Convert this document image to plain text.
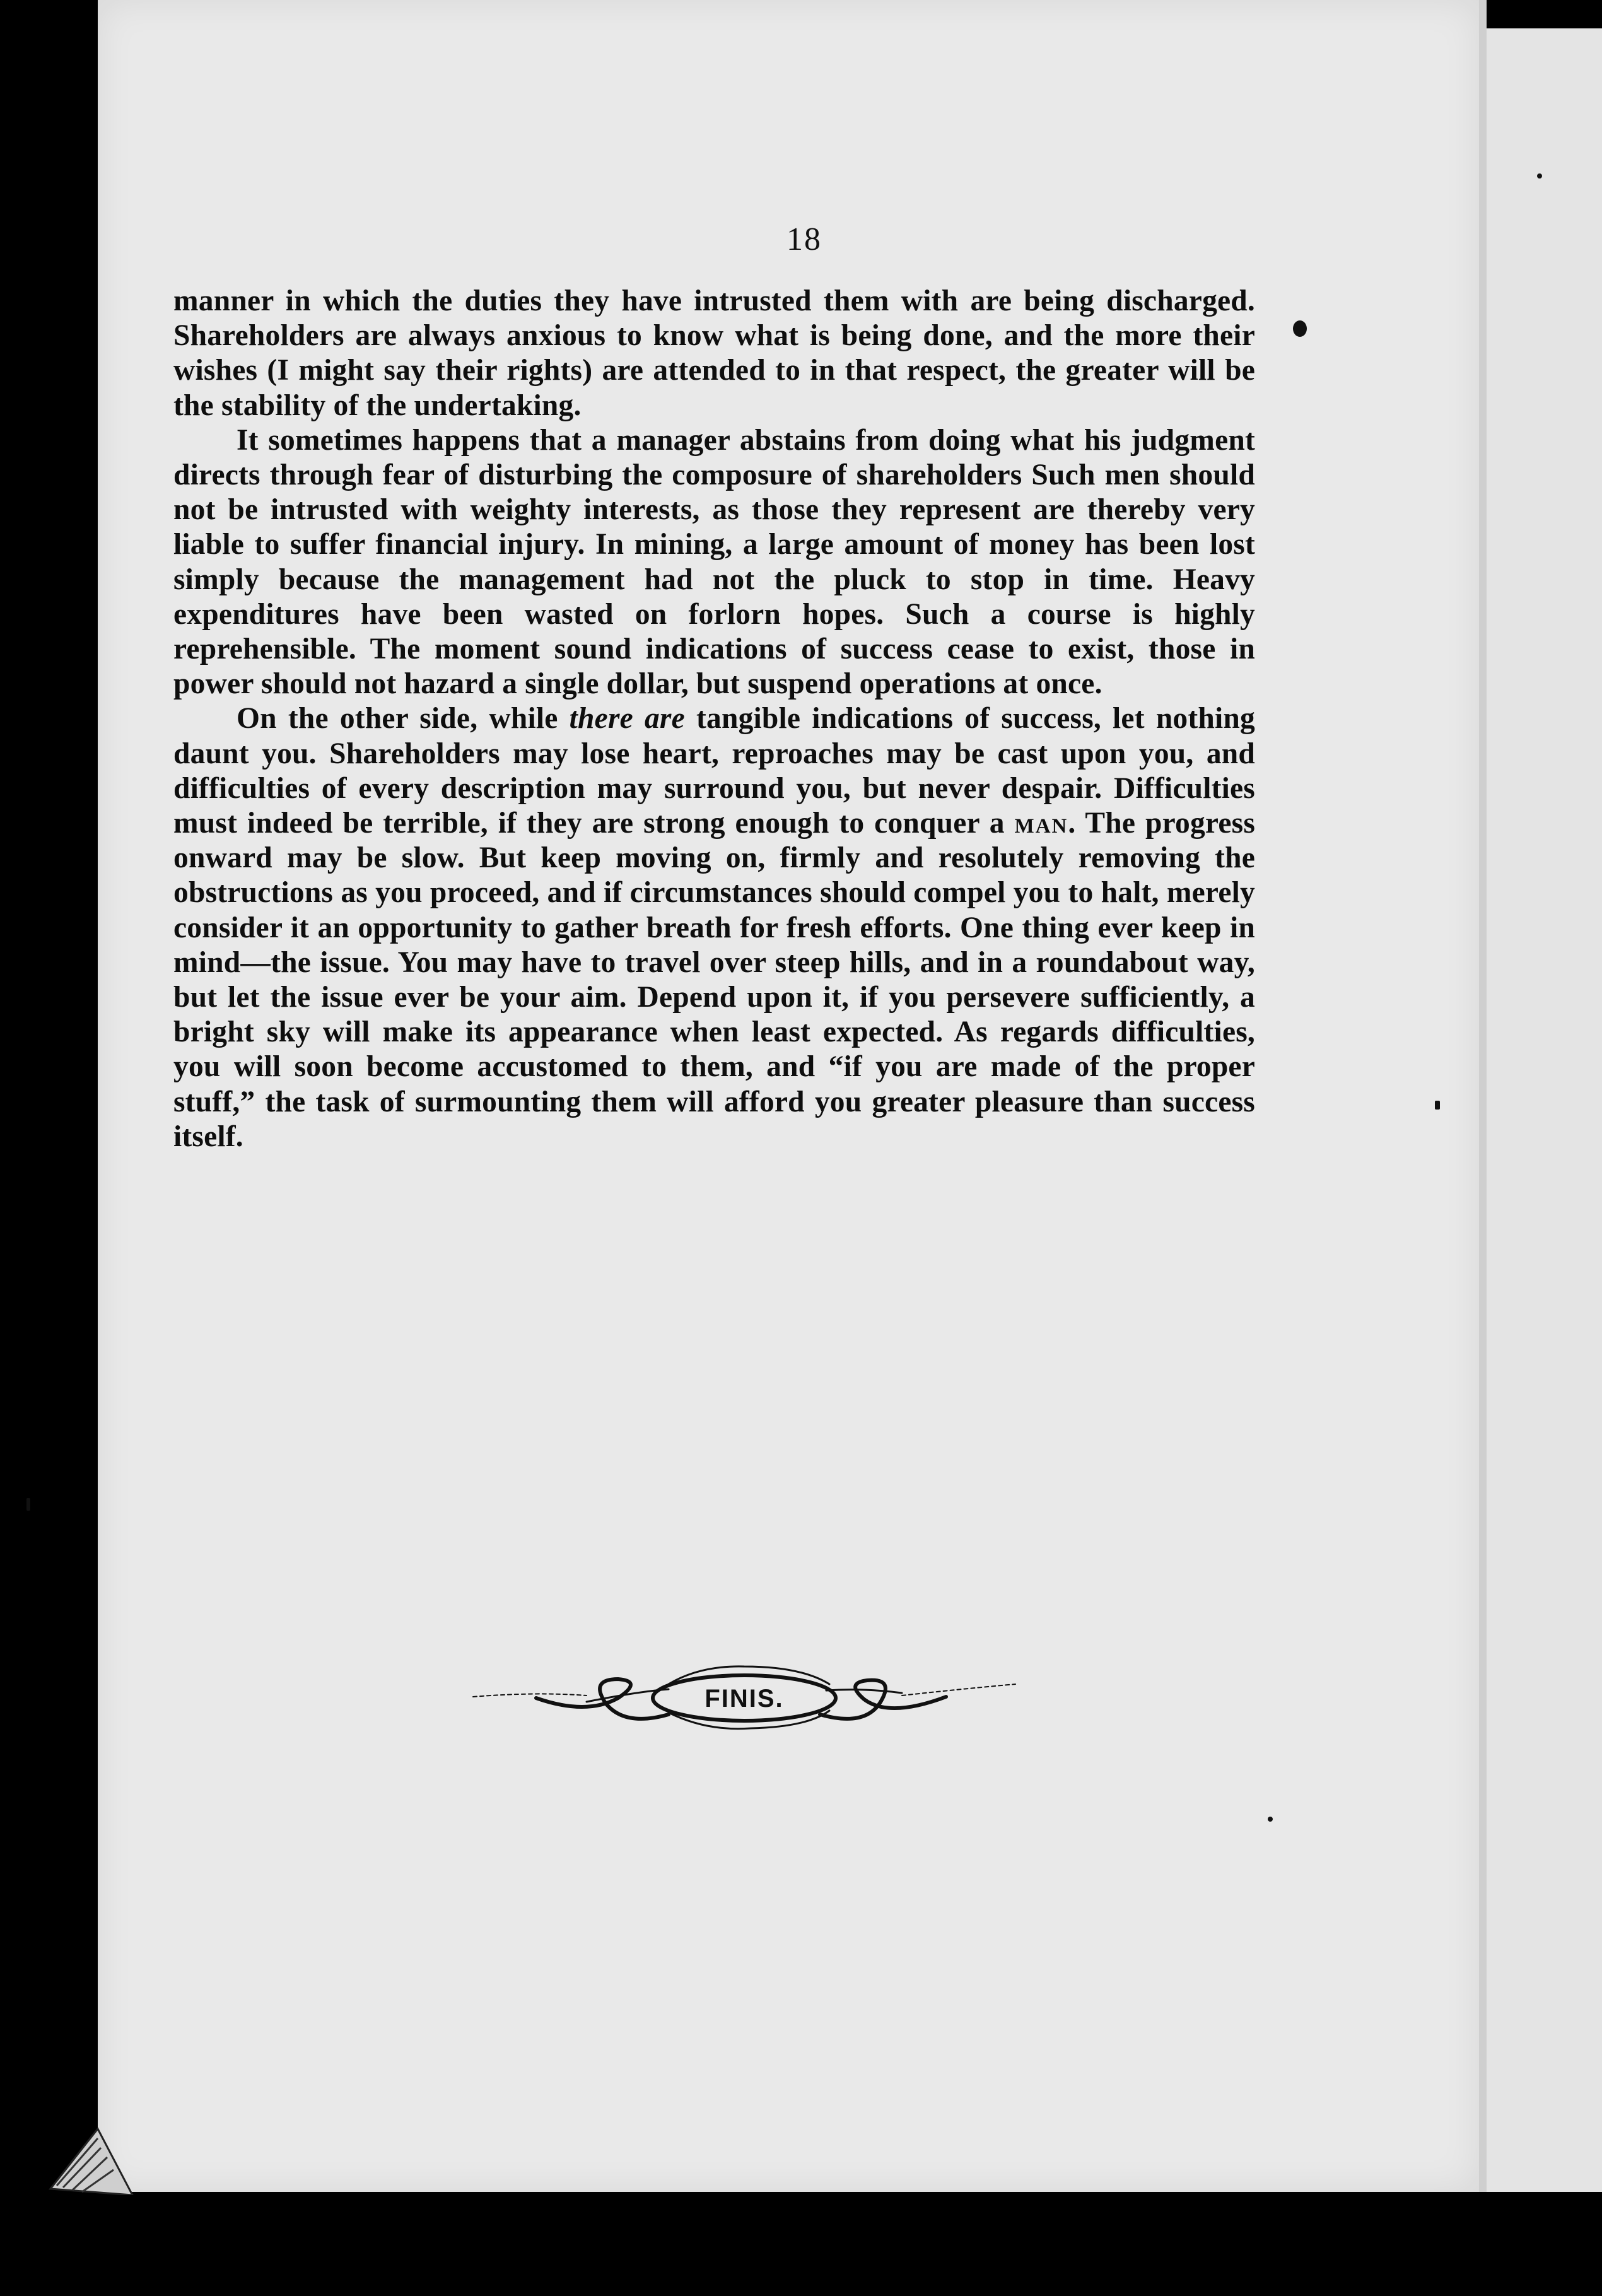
18

manner in which the duties they have intrusted them with are being discharged. Shareholders are always anxious to know what is being done, and the more their wishes (I might say their rights) are attended to in that respect, the greater will be the stability of the undertaking.

It sometimes happens that a manager abstains from doing what his judgment directs through fear of disturbing the composure of shareholders Such men should not be intrusted with weighty interests, as those they represent are thereby very liable to suffer financial injury. In mining, a large amount of money has been lost simply because the management had not the pluck to stop in time. Heavy expenditures have been wasted on forlorn hopes. Such a course is highly reprehensible. The moment sound indications of success cease to exist, those in power should not hazard a single dollar, but suspend operations at once.

On the other side, while there are tangible indications of success, let nothing daunt you. Shareholders may lose heart, reproaches may be cast upon you, and difficulties of every description may surround you, but never despair. Difficulties must indeed be terrible, if they are strong enough to conquer a man. The progress onward may be slow. But keep moving on, firmly and resolutely removing the obstructions as you proceed, and if circumstances should compel you to halt, merely consider it an opportunity to gather breath for fresh efforts. One thing ever keep in mind—the issue. You may have to travel over steep hills, and in a roundabout way, but let the issue ever be your aim. Depend upon it, if you persevere sufficiently, a bright sky will make its appearance when least expected. As regards difficulties, you will soon become accustomed to them, and “if you are made of the proper stuff,” the task of surmounting them will afford you greater pleasure than success itself.

FINIS.
